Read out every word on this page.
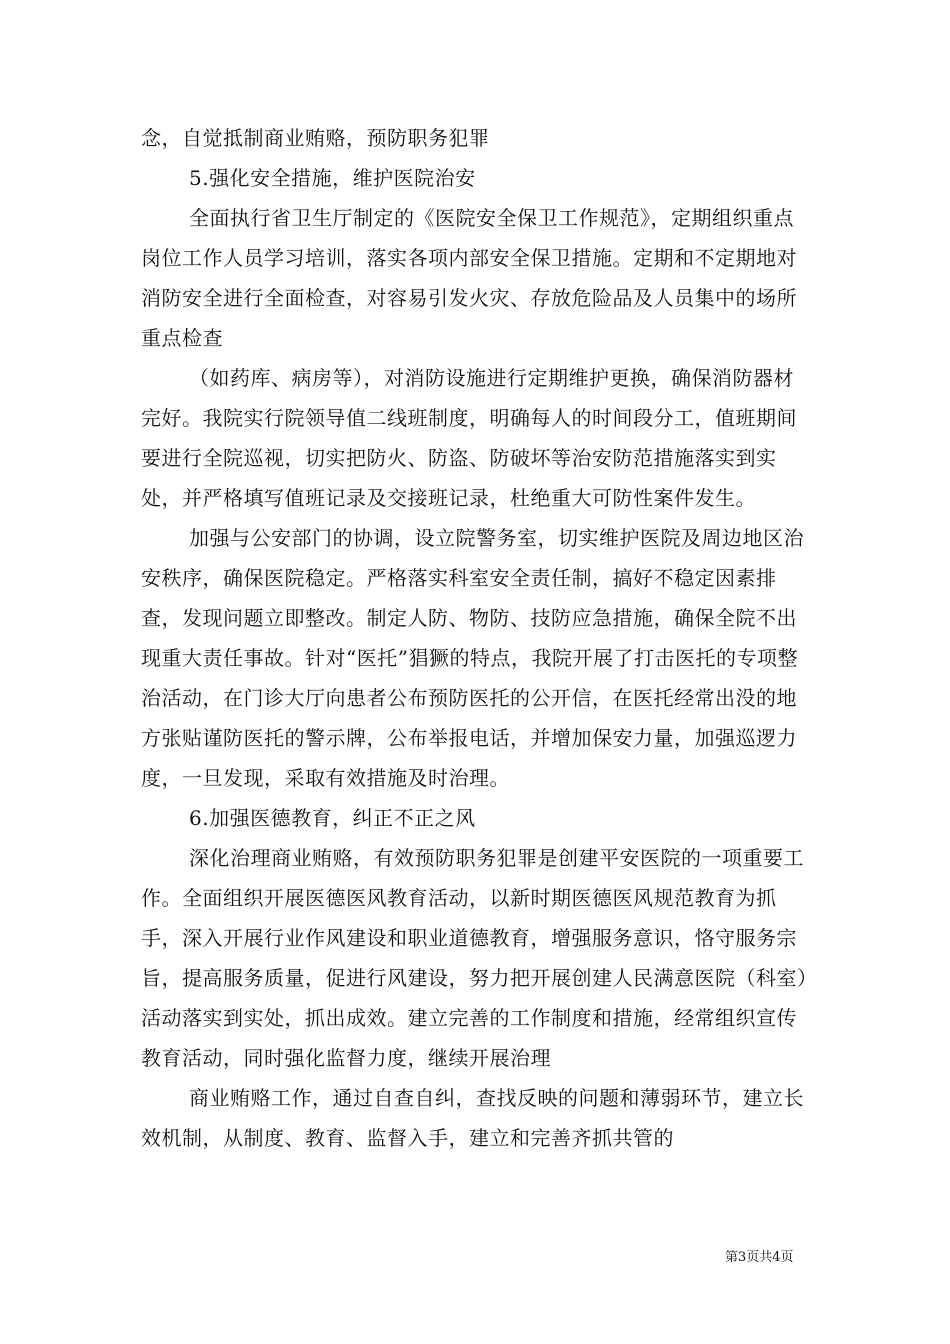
念，自觉抵制商业贿赂，预防职务犯罪

5.强化安全措施，维护医院治安

全面执行省卫生厅制定的《医院安全保卫工作规范》，定期组织重点岗位工作人员学习培训，落实各项内部安全保卫措施。定期和不定期地对消防安全进行全面检查，对容易引发火灾、存放危险品及人员集中的场所重点检查

（如药库、病房等），对消防设施进行定期维护更换，确保消防器材完好。我院实行院领导值二线班制度，明确每人的时间段分工，值班期间要进行全院巡视，切实把防火、防盗、防破坏等治安防范措施落实到实处，并严格填写值班记录及交接班记录，杜绝重大可防性案件发生。

加强与公安部门的协调，设立院警务室，切实维护医院及周边地区治安秩序，确保医院稳定。严格落实科室安全责任制，搞好不稳定因素排查，发现问题立即整改。制定人防、物防、技防应急措施，确保全院不出现重大责任事故。针对“医托”猖獗的特点，我院开展了打击医托的专项整治活动，在门诊大厅向患者公布预防医托的公开信，在医托经常出没的地方张贴谨防医托的警示牌，公布举报电话，并增加保安力量，加强巡逻力度，一旦发现，采取有效措施及时治理。

6.加强医德教育，纠正不正之风

深化治理商业贿赂，有效预防职务犯罪是创建平安医院的一项重要工作。全面组织开展医德医风教育活动，以新时期医德医风规范教育为抓手，深入开展行业作风建设和职业道德教育，增强服务意识，恪守服务宗旨，提高服务质量，促进行风建设，努力把开展创建人民满意医院（科室）活动落实到实处，抓出成效。建立完善的工作制度和措施，经常组织宣传教育活动，同时强化监督力度，继续开展治理

商业贿赂工作，通过自查自纠，查找反映的问题和薄弱环节，建立长效机制，从制度、教育、监督入手，建立和完善齐抓共管的

第3页共4页
